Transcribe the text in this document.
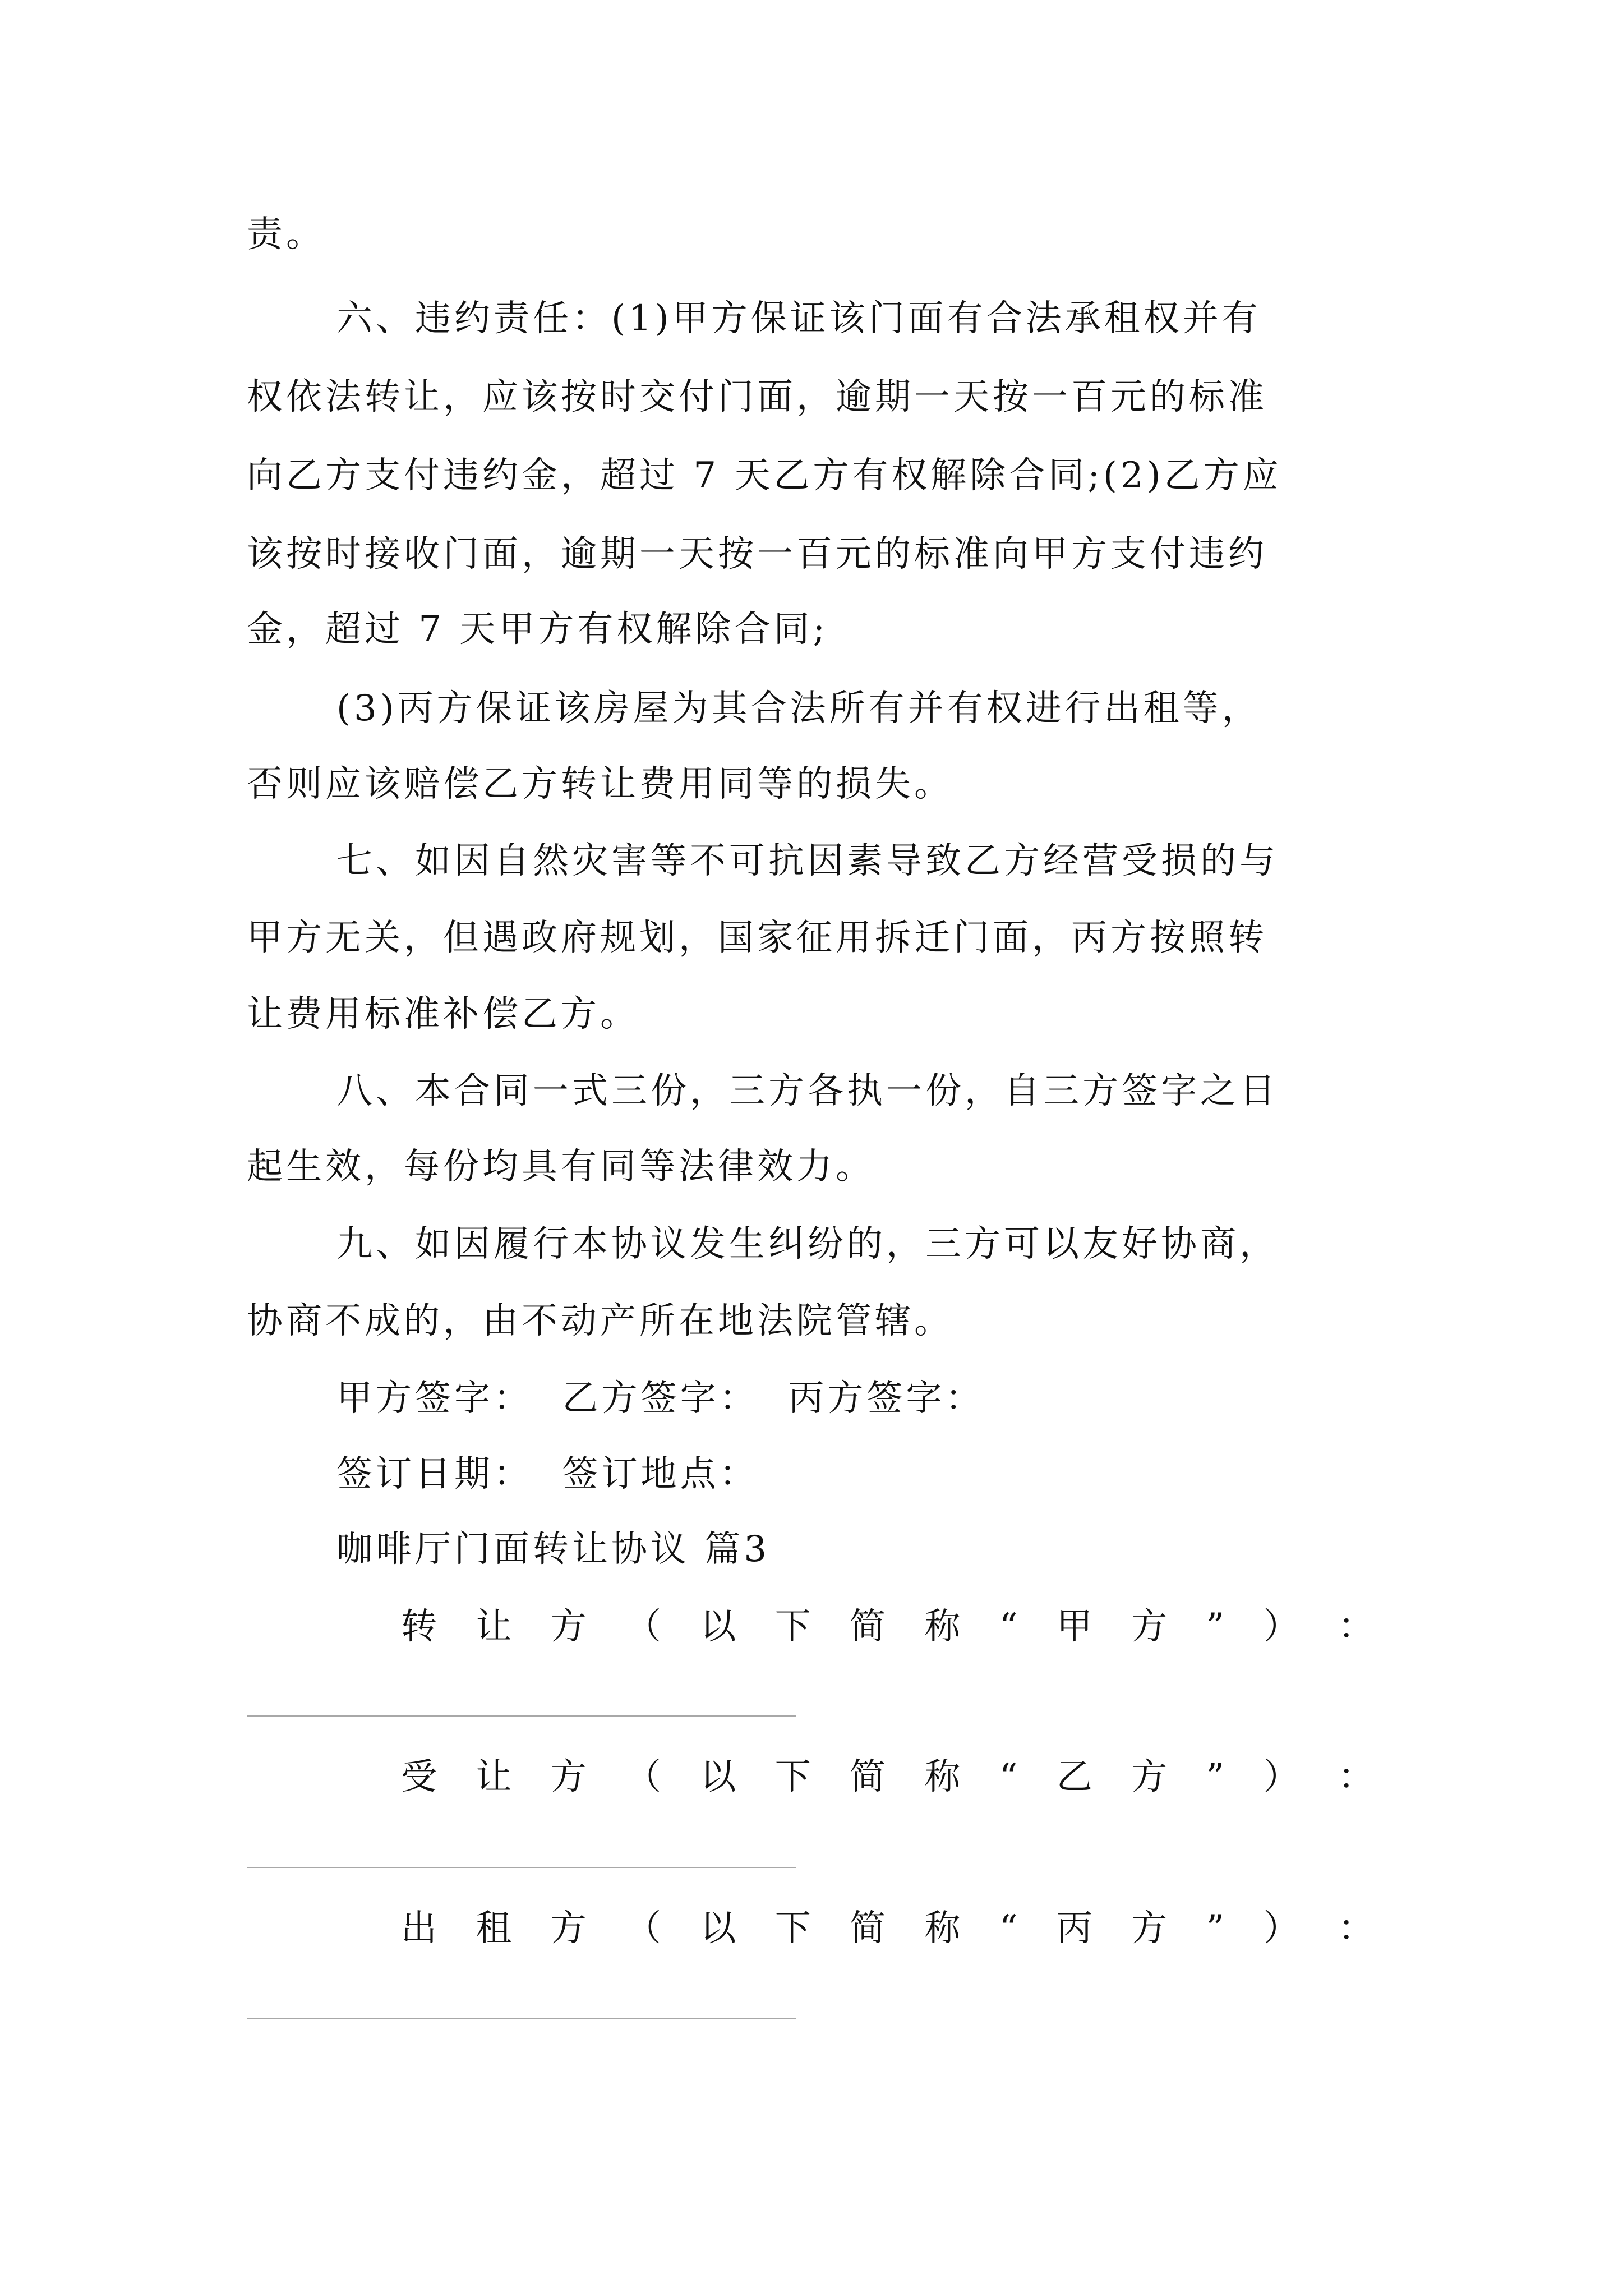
责。
六、违约责任：(1)甲方保证该门面有合法承租权并有
权依法转让，应该按时交付门面，逾期一天按一百元的标准
向乙方支付违约金，超过 7 天乙方有权解除合同;(2)乙方应
该按时接收门面，逾期一天按一百元的标准向甲方支付违约
金，超过 7 天甲方有权解除合同;
(3)丙方保证该房屋为其合法所有并有权进行出租等，
否则应该赔偿乙方转让费用同等的损失。
七、如因自然灾害等不可抗因素导致乙方经营受损的与
甲方无关，但遇政府规划，国家征用拆迁门面，丙方按照转
让费用标准补偿乙方。
八、本合同一式三份，三方各执一份，自三方签字之日
起生效，每份均具有同等法律效力。
九、如因履行本协议发生纠纷的，三方可以友好协商，
协商不成的，由不动产所在地法院管辖。
甲方签字：  乙方签字：  丙方签字：
签订日期：  签订地点：
咖啡厅门面转让协议 篇3
转 让 方 （ 以 下 简 称 “ 甲 方 ” ） ：
受 让 方 （ 以 下 简 称 “ 乙 方 ” ） ：
出 租 方 （ 以 下 简 称 “ 丙 方 ” ） ：
